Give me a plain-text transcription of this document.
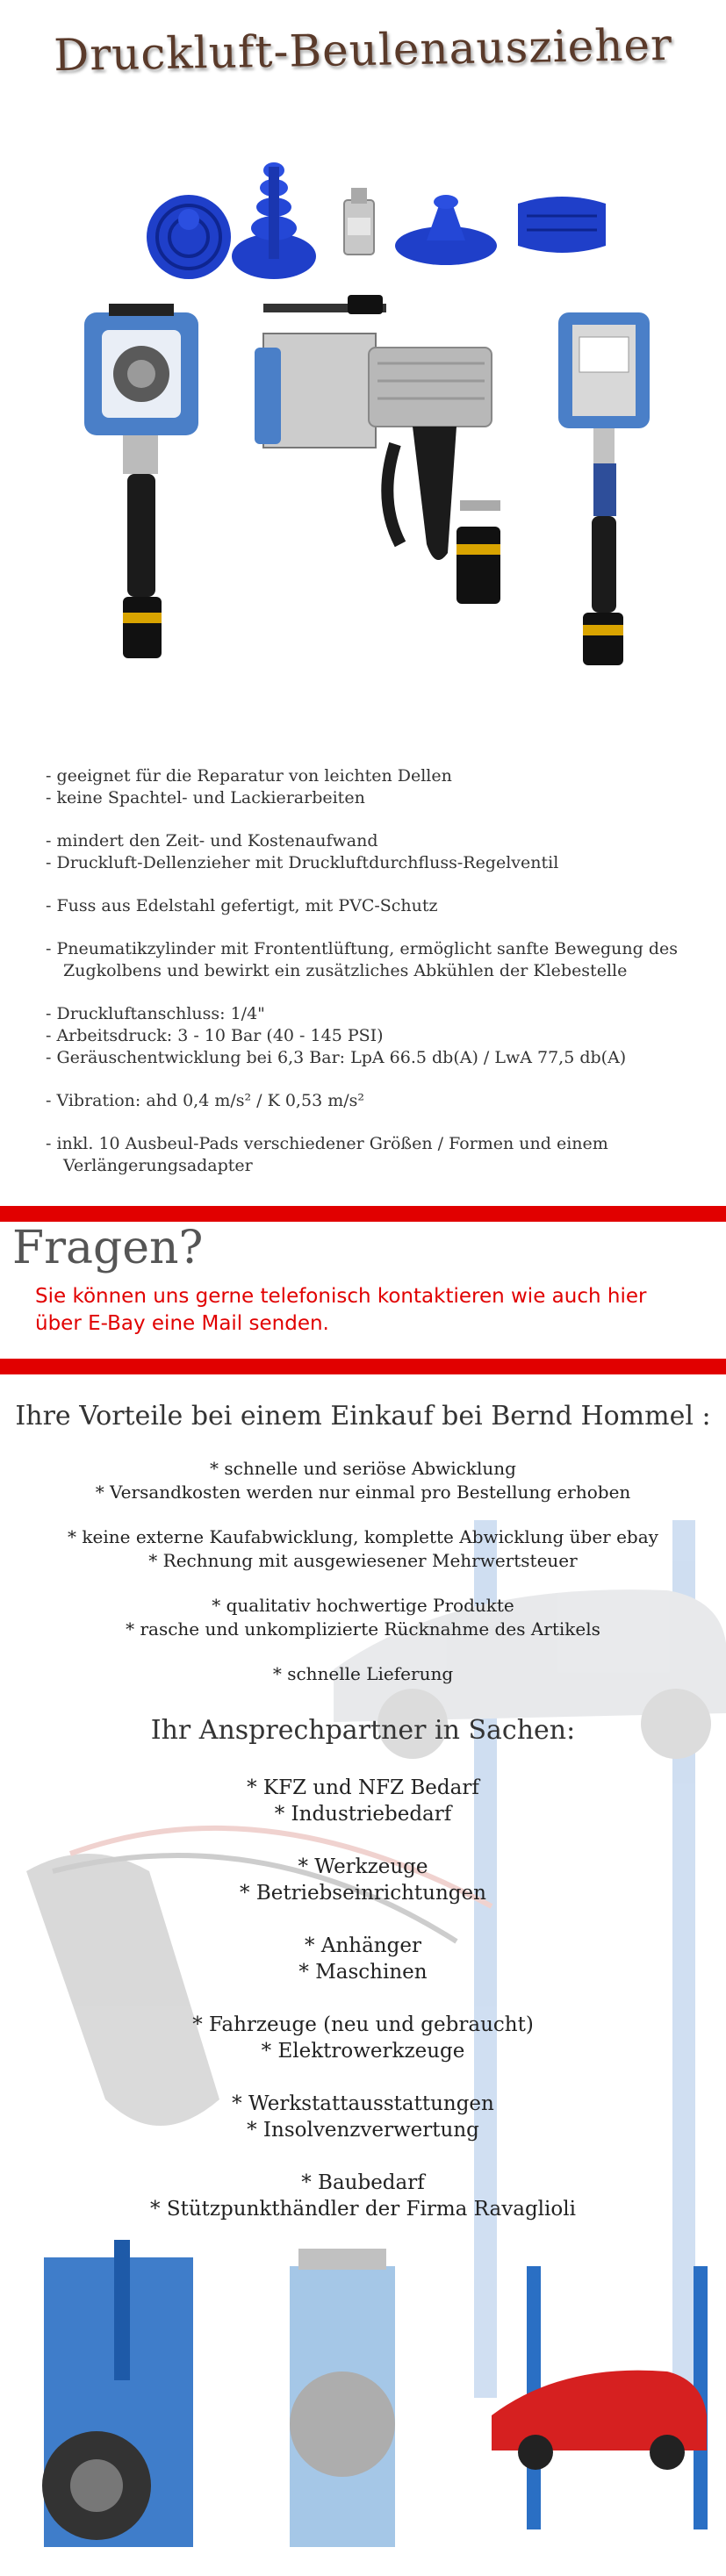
Druckluft-Beulenauszieher

- geeignet für die Reparatur von leichten Dellen

- keine Spachtel- und Lackierarbeiten

- mindert den Zeit- und Kostenaufwand

- Druckluft-Dellenzieher mit Druckluftdurchfluss-Regelventil

- Fuss aus Edelstahl gefertigt, mit PVC-Schutz

- Pneumatikzylinder mit Frontentlüftung, ermöglicht sanfte Bewegung des Zugkolbens und bewirkt ein zusätzliches Abkühlen der Klebestelle

- Druckluftanschluss: 1/4"

- Arbeitsdruck: 3 - 10 Bar (40 - 145 PSI)

- Geräuschentwicklung bei 6,3 Bar: LpA 66.5 db(A) / LwA 77,5 db(A)

- Vibration: ahd 0,4 m/s² / K 0,53 m/s²

- inkl. 10 Ausbeul-Pads verschiedener Größen / Formen und einem Verlängerungsadapter

Fragen?
Sie können uns gerne telefonisch kontaktieren wie auch hier über E-Bay eine Mail senden.
Ihre Vorteile bei einem Einkauf bei Bernd Hommel :
* schnelle und seriöse Abwicklung
* Versandkosten werden nur einmal pro Bestellung erhoben
* keine externe Kaufabwicklung, komplette Abwicklung über ebay
* Rechnung mit ausgewiesener Mehrwertsteuer
* qualitativ hochwertige Produkte
* rasche und unkomplizierte Rücknahme des Artikels
* schnelle Lieferung
Ihr Ansprechpartner in Sachen:
* KFZ und NFZ Bedarf
* Industriebedarf
* Werkzeuge
* Betriebseinrichtungen
* Anhänger
* Maschinen
* Fahrzeuge (neu und gebraucht)
* Elektrowerkzeuge
* Werkstattausstattungen
* Insolvenzverwertung
* Baubedarf
* Stützpunkthändler der Firma Ravaglioli
